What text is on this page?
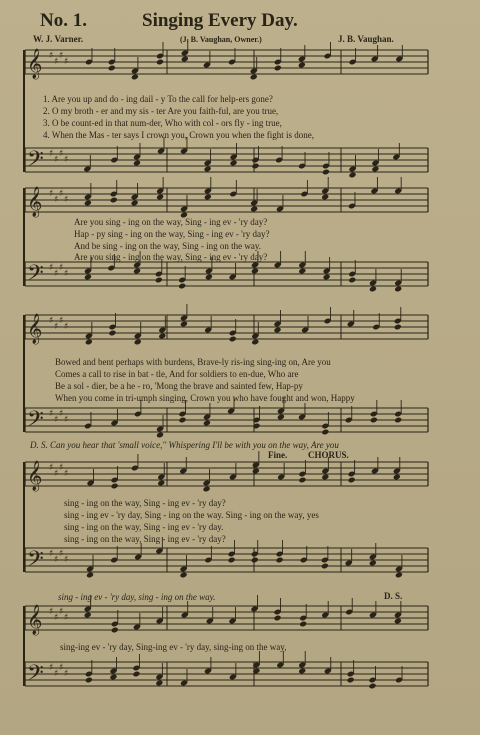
No. 1.	Singing Every Day.
W. J. Varner.	(J. B. Vaughan, Owner.)	J. B. Vaughan.
𝄞 ♯
♯
♯
♯
𝄢 ♯
♯
♯
♯
𝄞 ♯
♯
♯
♯
𝄢 ♯
♯
♯
♯
𝄞 ♯
♯
♯
♯
𝄢 ♯
♯
♯
♯
𝄞 ♯
♯
♯
♯
𝄢 ♯
♯
♯
♯
𝄞 ♯
♯
♯
♯
𝄢 ♯
♯
♯
♯
1. Are you up and do - ing dail - y To the call for help-ers gone?
2. O my broth - er and my sis - ter Are you faith-ful, are you true,
3. O be count-ed in that num-der, Who with col - ors fly - ing true,
4. When the Mas - ter says I crown you, Crown you when the fight is done,
Are you sing - ing on the way, Sing - ing ev - 'ry day?
Hap - py sing - ing on the way, Sing - ing ev - 'ry day?
And be sing - ing on the way, Sing - ing on the way.
Are you sing - ing on the way, Sing - ing ev - 'ry day?
Bowed and bent perhaps with burdens, Brave-ly ris-ing sing-ing on, Are you
Comes a call to rise in bat - tle, And for soldiers to en-due, Who are
Be a sol - dier, be a he - ro, 'Mong the brave and sainted few, Hap-py
When you come in tri-umph singing, Crown you who have fought and won, Happy
D. S. Can you hear that 'small voice,'' Whispering I'll be with you on the way, Are you
Fine. CHORUS.
sing - ing on the way, Sing - ing ev - 'ry day?
sing - ing ev - 'ry day, Sing - ing on the way. Sing - ing on the way, yes
sing - ing on the way, Sing - ing ev - 'ry day.
sing - ing on the way, Sing - ing ev - 'ry day?
sing - ing ev - 'ry day, sing - ing on the way.	D. S.
sing-ing ev - 'ry day, Sing-ing ev - 'ry day, sing-ing on the way,
